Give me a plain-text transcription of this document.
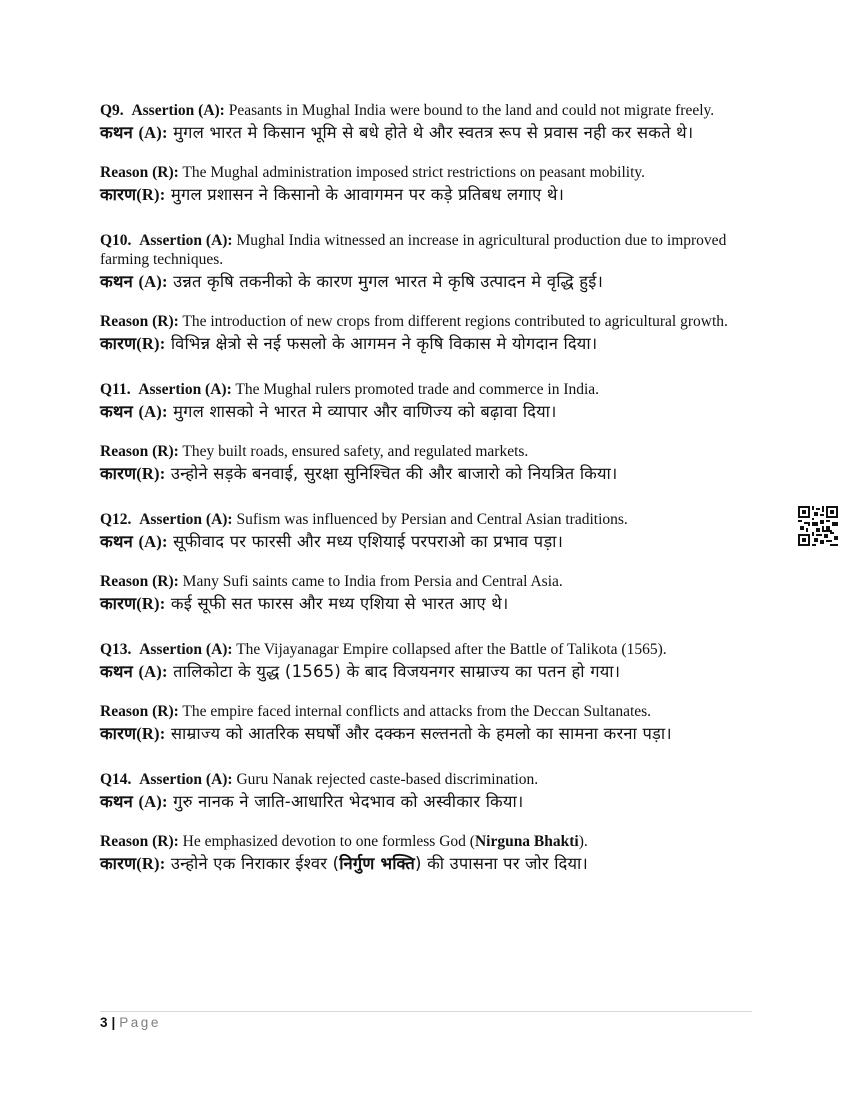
Q9. Assertion (A): Peasants in Mughal India were bound to the land and could not migrate freely.
कथन (A): मुगल भारत मे किसान भूमि से बधे होते थे और स्वतत्र रूप से प्रवास नही कर सकते थे।
Reason (R): The Mughal administration imposed strict restrictions on peasant mobility.
कारण(R): मुगल प्रशासन ने किसानो के आवागमन पर कड़े प्रतिबध लगाए थे।
Q10. Assertion (A): Mughal India witnessed an increase in agricultural production due to improved farming techniques.
कथन (A): उन्नत कृषि तकनीको के कारण मुगल भारत मे कृषि उत्पादन मे वृद्धि हुई।
Reason (R): The introduction of new crops from different regions contributed to agricultural growth.
कारण(R): विभिन्न क्षेत्रो से नई फसलो के आगमन ने कृषि विकास मे योगदान दिया।
Q11. Assertion (A): The Mughal rulers promoted trade and commerce in India.
कथन (A): मुगल शासको ने भारत मे व्यापार और वाणिज्य को बढ़ावा दिया।
Reason (R): They built roads, ensured safety, and regulated markets.
कारण(R): उन्होने सड़के बनवाई, सुरक्षा सुनिश्चित की और बाजारो को नियत्रित किया।
Q12. Assertion (A): Sufism was influenced by Persian and Central Asian traditions.
कथन (A): सूफीवाद पर फारसी और मध्य एशियाई परपराओ का प्रभाव पड़ा।
Reason (R): Many Sufi saints came to India from Persia and Central Asia.
कारण(R): कई सूफी सत फारस और मध्य एशिया से भारत आए थे।
Q13. Assertion (A): The Vijayanagar Empire collapsed after the Battle of Talikota (1565).
कथन (A): तालिकोटा के युद्ध (1565) के बाद विजयनगर साम्राज्य का पतन हो गया।
Reason (R): The empire faced internal conflicts and attacks from the Deccan Sultanates.
कारण(R): साम्राज्य को आतरिक सघर्षों और दक्कन सल्तनतो के हमलो का सामना करना पड़ा।
Q14. Assertion (A): Guru Nanak rejected caste-based discrimination.
कथन (A): गुरु नानक ने जाति-आधारित भेदभाव को अस्वीकार किया।
Reason (R): He emphasized devotion to one formless God (Nirguna Bhakti).
कारण(R): उन्होने एक निराकार ईश्वर (निर्गुण भक्ति) की उपासना पर जोर दिया।
3 | Page
